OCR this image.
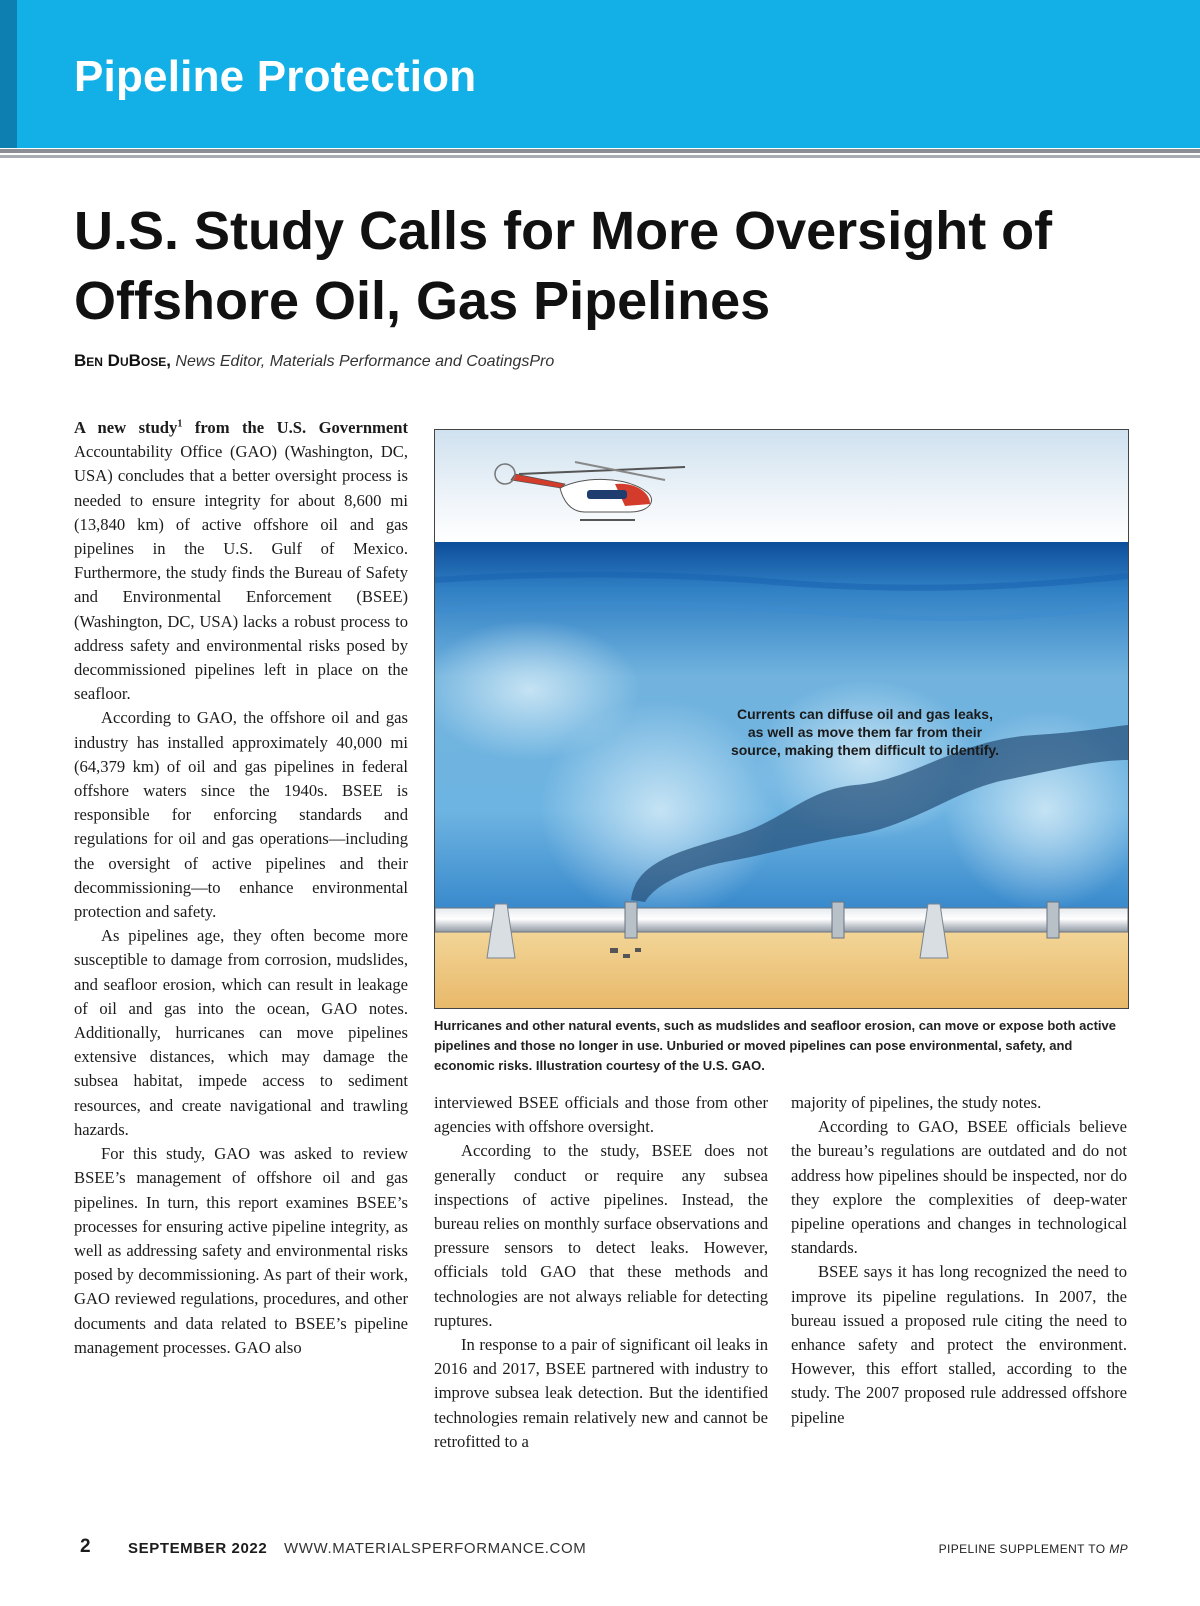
Pipeline Protection
U.S. Study Calls for More Oversight of Offshore Oil, Gas Pipelines
Ben DuBose, News Editor, Materials Performance and CoatingsPro

A new study$^1$ from the U.S. Government Accountability Office (GAO) (Washington, DC, USA) concludes that a better oversight process is needed to ensure integrity for about 8,600 mi (13,840 km) of active offshore oil and gas pipelines in the U.S. Gulf of Mexico. Furthermore, the study finds the Bureau of Safety and Environmental Enforcement (BSEE) (Washington, DC, USA) lacks a robust process to address safety and environmental risks posed by decommissioned pipelines left in place on the seafloor.

According to GAO, the offshore oil and gas industry has installed approximately 40,000 mi (64,379 km) of oil and gas pipelines in federal offshore waters since the 1940s. BSEE is responsible for enforcing standards and regulations for oil and gas operations—including the oversight of active pipelines and their decommissioning—to enhance environmental protection and safety.

As pipelines age, they often become more susceptible to damage from corrosion, mudslides, and seafloor erosion, which can result in leakage of oil and gas into the ocean, GAO notes. Additionally, hurricanes can move pipelines extensive distances, which may damage the subsea habitat, impede access to sediment resources, and create navigational and trawling hazards.

For this study, GAO was asked to review BSEE’s management of offshore oil and gas pipelines. In turn, this report examines BSEE’s processes for ensuring active pipeline integrity, as well as addressing safety and environmental risks posed by decommissioning. As part of their work, GAO reviewed regulations, procedures, and other documents and data related to BSEE’s pipeline management processes. GAO also

Currents can diffuse oil and gas leaks,
as well as move them far from their
source, making them difficult to identify.
Hurricanes and other natural events, such as mudslides and seafloor erosion, can move or expose both active pipelines and those no longer in use. Unburied or moved pipelines can pose environmental, safety, and economic risks. Illustration courtesy of the U.S. GAO.

interviewed BSEE officials and those from other agencies with offshore oversight.

According to the study, BSEE does not generally conduct or require any subsea inspections of active pipelines. Instead, the bureau relies on monthly surface observations and pressure sensors to detect leaks. However, officials told GAO that these methods and technologies are not always reliable for detecting ruptures.

In response to a pair of significant oil leaks in 2016 and 2017, BSEE partnered with industry to improve subsea leak detection. But the identified technologies remain relatively new and cannot be retrofitted to a

majority of pipelines, the study notes.

According to GAO, BSEE officials believe the bureau’s regulations are outdated and do not address how pipelines should be inspected, nor do they explore the complexities of deep-water pipeline operations and changes in technological standards.

BSEE says it has long recognized the need to improve its pipeline regulations. In 2007, the bureau issued a proposed rule citing the need to enhance safety and protect the environment. However, this effort stalled, according to the study. The 2007 proposed rule addressed offshore pipeline

2 SEPTEMBER 2022 WWW.MATERIALSPERFORMANCE.COM	PIPELINE SUPPLEMENT TO MP
